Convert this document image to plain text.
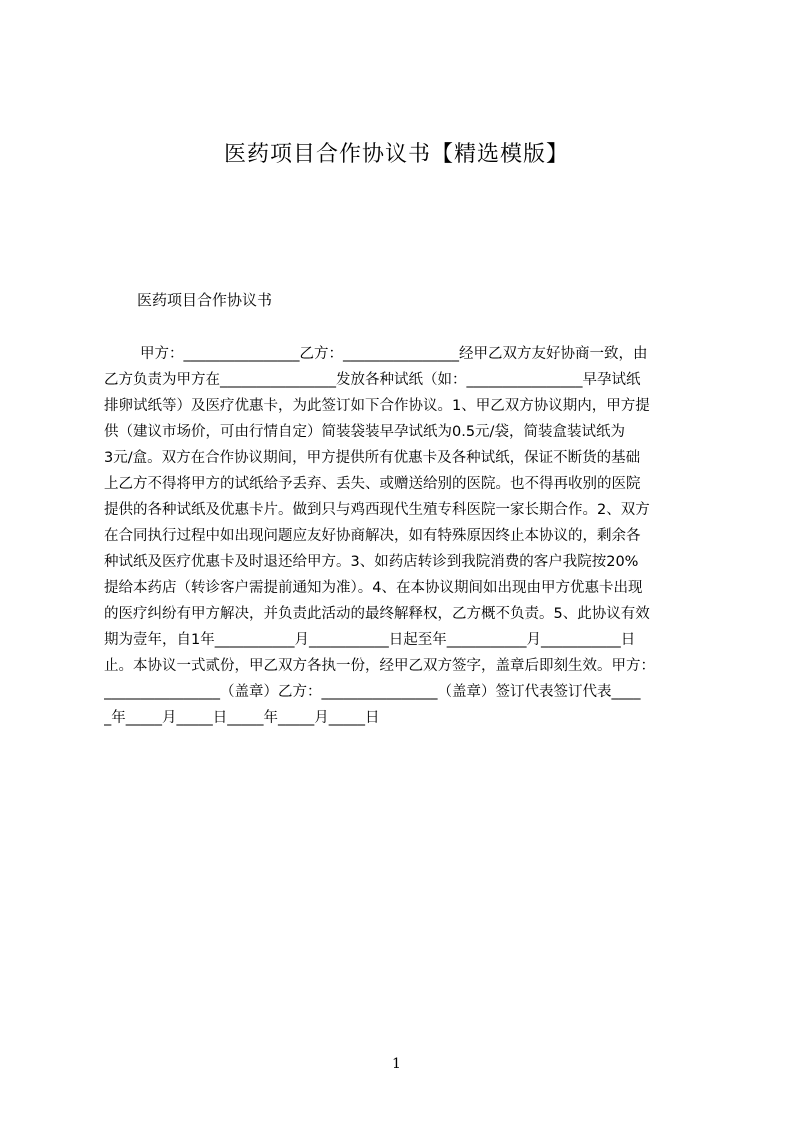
医药项目合作协议书【精选模版】
医药项目合作协议书
甲方：________________乙方：________________经甲乙双方友好协商一致，由
乙方负责为甲方在________________发放各种试纸（如：________________早孕试纸
排卵试纸等）及医疗优惠卡，为此签订如下合作协议。1、甲乙双方协议期内，甲方提
供（建议市场价，可由行情自定）简装袋装早孕试纸为0.5元/袋，简装盒装试纸为
3元/盒。双方在合作协议期间，甲方提供所有优惠卡及各种试纸，保证不断货的基础
上乙方不得将甲方的试纸给予丢弃、丢失、或赠送给别的医院。也不得再收别的医院
提供的各种试纸及优惠卡片。做到只与鸡西现代生殖专科医院一家长期合作。2、双方
在合同执行过程中如出现问题应友好协商解决，如有特殊原因终止本协议的，剩余各
种试纸及医疗优惠卡及时退还给甲方。3、如药店转诊到我院消费的客户我院按20%
提给本药店（转诊客户需提前通知为准）。4、在本协议期间如出现由甲方优惠卡出现
的医疗纠纷有甲方解决，并负责此活动的最终解释权，乙方概不负责。5、此协议有效
期为壹年，自1年___________月___________日起至年___________月___________日
止。本协议一式贰份，甲乙双方各执一份，经甲乙双方签字，盖章后即刻生效。甲方：
________________（盖章）乙方：________________（盖章）签订代表签订代表____
_年_____月_____日_____年_____月_____日
1
